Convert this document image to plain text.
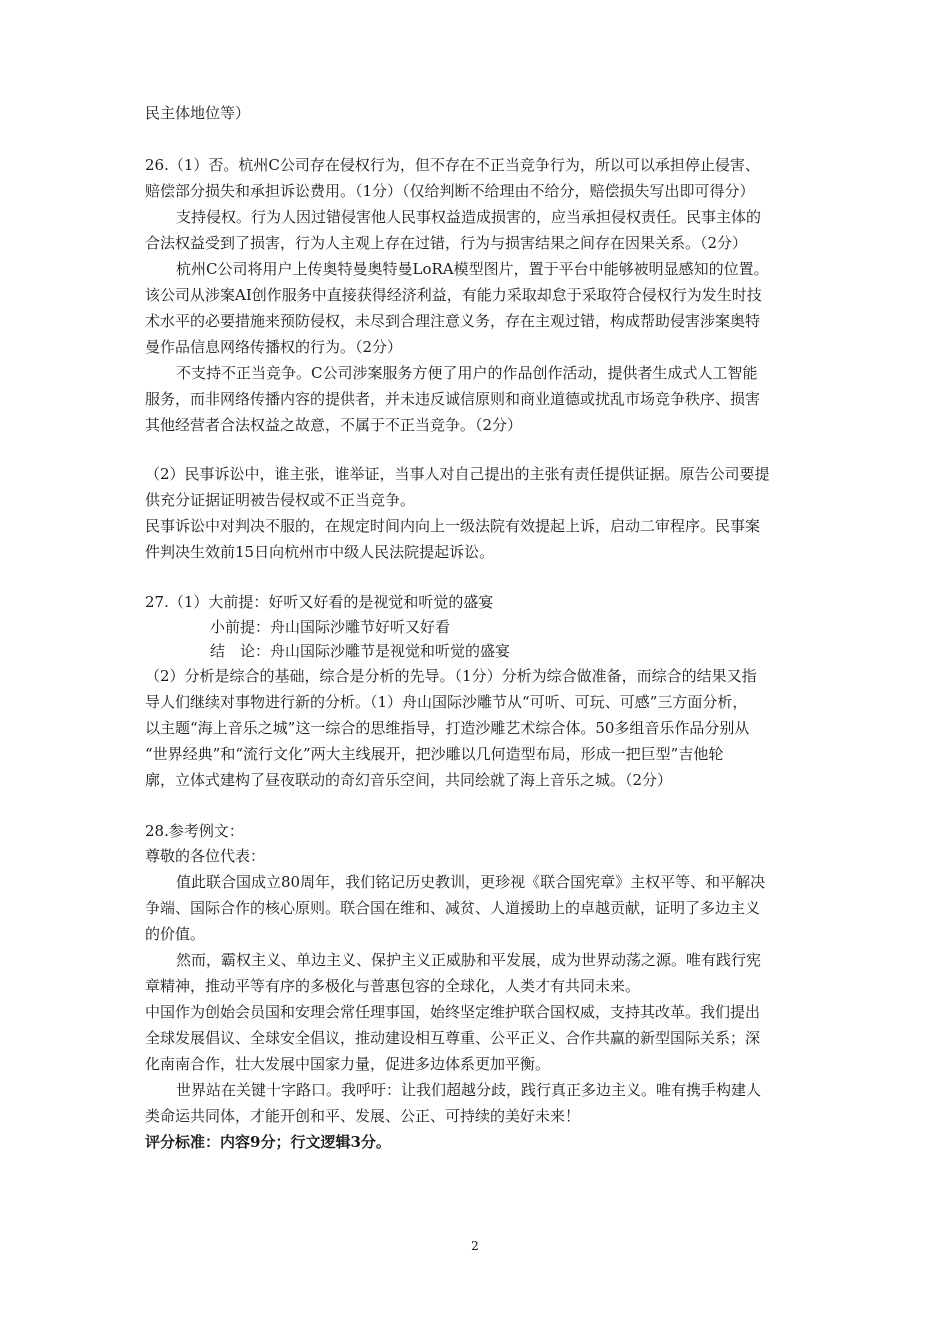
民主体地位等）
26.（1）否。杭州C公司存在侵权行为，但不存在不正当竞争行为，所以可以承担停止侵害、
赔偿部分损失和承担诉讼费用。（1分）（仅给判断不给理由不给分，赔偿损失写出即可得分）
支持侵权。行为人因过错侵害他人民事权益造成损害的，应当承担侵权责任。民事主体的
合法权益受到了损害，行为人主观上存在过错，行为与损害结果之间存在因果关系。（2分）
杭州C公司将用户上传奥特曼奥特曼LoRA模型图片，置于平台中能够被明显感知的位置。
该公司从涉案AI创作服务中直接获得经济利益，有能力采取却怠于采取符合侵权行为发生时技
术水平的必要措施来预防侵权，未尽到合理注意义务，存在主观过错，构成帮助侵害涉案奥特
曼作品信息网络传播权的行为。（2分）
不支持不正当竞争。C公司涉案服务方便了用户的作品创作活动，提供者生成式人工智能
服务，而非网络传播内容的提供者，并未违反诚信原则和商业道德或扰乱市场竞争秩序、损害
其他经营者合法权益之故意，不属于不正当竞争。（2分）
（2）民事诉讼中，谁主张，谁举证，当事人对自己提出的主张有责任提供证据。原告公司要提
供充分证据证明被告侵权或不正当竞争。
民事诉讼中对判决不服的，在规定时间内向上一级法院有效提起上诉，启动二审程序。民事案
件判决生效前15日向杭州市中级人民法院提起诉讼。
27.（1）大前提：好听又好看的是视觉和听觉的盛宴
小前提：舟山国际沙雕节好听又好看
结　论：舟山国际沙雕节是视觉和听觉的盛宴
（2）分析是综合的基础，综合是分析的先导。（1分）分析为综合做准备，而综合的结果又指
导人们继续对事物进行新的分析。（1）舟山国际沙雕节从“可听、可玩、可感”三方面分析，
以主题“海上音乐之城”这一综合的思维指导，打造沙雕艺术综合体。50多组音乐作品分别从
“世界经典”和“流行文化”两大主线展开，把沙雕以几何造型布局，形成一把巨型”吉他轮
廓，立体式建构了昼夜联动的奇幻音乐空间，共同绘就了海上音乐之城。（2分）
28.参考例文：
尊敬的各位代表：
值此联合国成立80周年，我们铭记历史教训，更珍视《联合国宪章》主权平等、和平解决
争端、国际合作的核心原则。联合国在维和、减贫、人道援助上的卓越贡献，证明了多边主义
的价值。
然而，霸权主义、单边主义、保护主义正威胁和平发展，成为世界动荡之源。唯有践行宪
章精神，推动平等有序的多极化与普惠包容的全球化，人类才有共同未来。
中国作为创始会员国和安理会常任理事国，始终坚定维护联合国权威，支持其改革。我们提出
全球发展倡议、全球安全倡议，推动建设相互尊重、公平正义、合作共赢的新型国际关系；深
化南南合作，壮大发展中国家力量，促进多边体系更加平衡。
世界站在关键十字路口。我呼吁：让我们超越分歧，践行真正多边主义。唯有携手构建人
类命运共同体，才能开创和平、发展、公正、可持续的美好未来！
评分标准：内容9分；行文逻辑3分。
2
